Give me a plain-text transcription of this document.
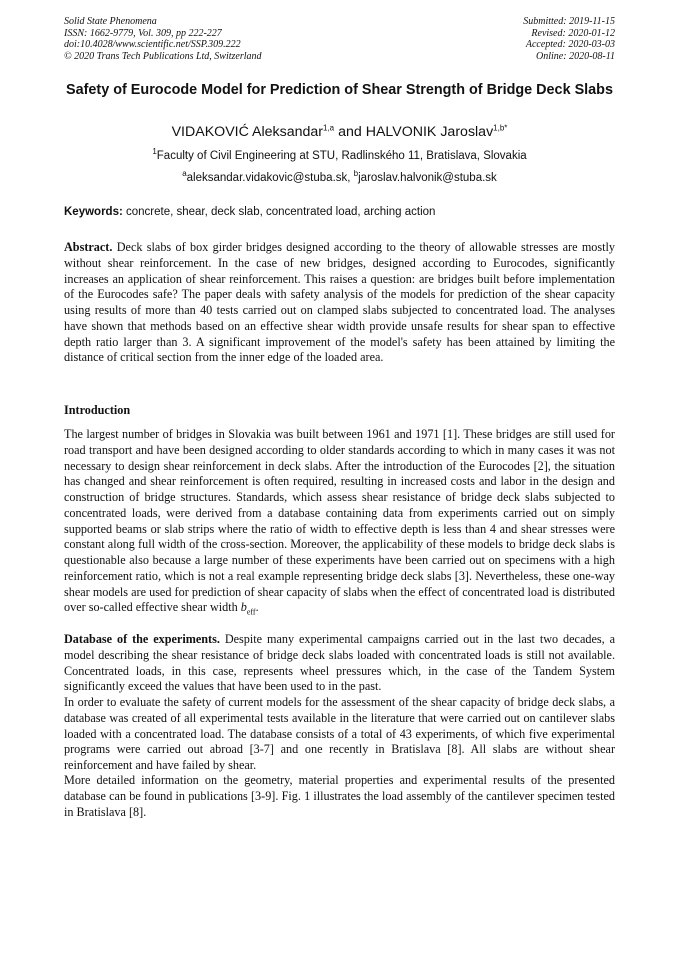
Solid State Phenomena
ISSN: 1662-9779, Vol. 309, pp 222-227
doi:10.4028/www.scientific.net/SSP.309.222
© 2020 Trans Tech Publications Ltd, Switzerland
Submitted: 2019-11-15
Revised: 2020-01-12
Accepted: 2020-03-03
Online: 2020-08-11
Safety of Eurocode Model for Prediction of Shear Strength of Bridge Deck Slabs
VIDAKOVIĆ Aleksandar$^{1,a}$ and HALVONIK Jaroslav$^{1,b*}$
$^1$Faculty of Civil Engineering at STU, Radlinského 11, Bratislava, Slovakia
$^a$aleksandar.vidakovic@stuba.sk, $^b$jaroslav.halvonik@stuba.sk
Keywords: concrete, shear, deck slab, concentrated load, arching action
Abstract. Deck slabs of box girder bridges designed according to the theory of allowable stresses are mostly without shear reinforcement. In the case of new bridges, designed according to Eurocodes, significantly increases an application of shear reinforcement. This raises a question: are bridges built before implementation of the Eurocodes safe? The paper deals with safety analysis of the models for prediction of the shear capacity using results of more than 40 tests carried out on clamped slabs subjected to concentrated load. The analyses have shown that methods based on an effective shear width provide unsafe results for shear span to effective depth ratio larger than 3. A significant improvement of the model's safety has been attained by limiting the distance of critical section from the inner edge of the loaded area.
Introduction
The largest number of bridges in Slovakia was built between 1961 and 1971 [1]. These bridges are still used for road transport and have been designed according to older standards according to which in many cases it was not necessary to design shear reinforcement in deck slabs. After the introduction of the Eurocodes [2], the situation has changed and shear reinforcement is often required, resulting in increased costs and labor in the design and construction of bridge structures. Standards, which assess shear resistance of bridge deck slabs subjected to concentrated loads, were derived from a database containing data from experiments carried out on simply supported beams or slab strips where the ratio of width to effective depth is less than 4 and shear stresses were constant along full width of the cross-section. Moreover, the applicability of these models to bridge deck slabs is questionable also because a large number of these experiments have been carried out on specimens with a high reinforcement ratio, which is not a real example representing bridge deck slabs [3]. Nevertheless, these one-way shear models are used for prediction of shear capacity of slabs when the effect of concentrated load is distributed over so-called effective shear width $b_{eff}$.
Database of the experiments. Despite many experimental campaigns carried out in the last two decades, a model describing the shear resistance of bridge deck slabs loaded with concentrated loads is still not available. Concentrated loads, in this case, represents wheel pressures which, in the case of the Tandem System significantly exceed the values that have been used to in the past.
In order to evaluate the safety of current models for the assessment of the shear capacity of bridge deck slabs, a database was created of all experimental tests available in the literature that were carried out on cantilever slabs loaded with a concentrated load. The database consists of a total of 43 experiments, of which five experimental programs were carried out abroad [3-7] and one recently in Bratislava [8]. All slabs are without shear reinforcement and have failed by shear.
More detailed information on the geometry, material properties and experimental results of the presented database can be found in publications [3-9]. Fig. 1 illustrates the load assembly of the cantilever specimen tested in Bratislava [8].
